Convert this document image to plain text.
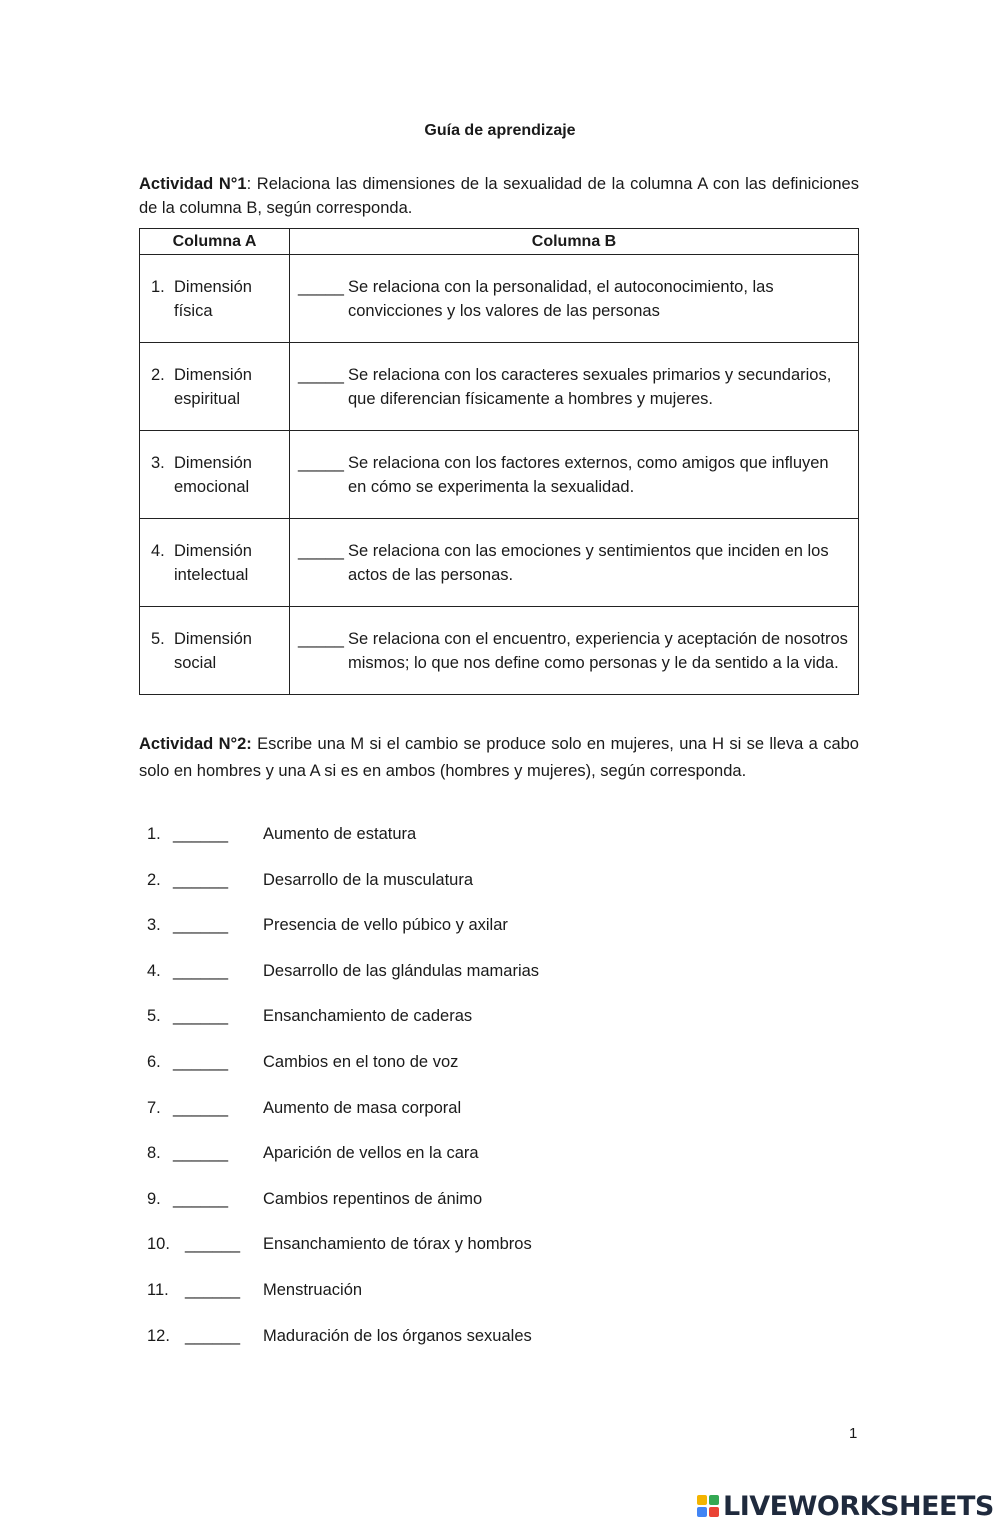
Guía de aprendizaje

Actividad N°1: Relaciona las dimensiones de la sexualidad de la columna A con las definiciones de la columna B, según corresponda.

Columna A	Columna B

1. Dimensión física	_____ Se relaciona con la personalidad, el autoconocimiento, las convicciones y los valores de las personas

2. Dimensión espiritual	_____ Se relaciona con los caracteres sexuales primarios y secundarios, que diferencian físicamente a hombres y mujeres.

3. Dimensión emocional	_____ Se relaciona con los factores externos, como amigos que influyen en cómo se experimenta la sexualidad.

4. Dimensión intelectual	_____ Se relaciona con las emociones y sentimientos que inciden en los actos de las personas.

5. Dimensión social	_____ Se relaciona con el encuentro, experiencia y aceptación de nosotros mismos; lo que nos define como personas y le da sentido a la vida.

Actividad N°2: Escribe una M si el cambio se produce solo en mujeres, una H si se lleva a cabo solo en hombres y una A si es en ambos (hombres y mujeres), según corresponda.

1. ______ Aumento de estatura
2. ______ Desarrollo de la musculatura
3. ______ Presencia de vello púbico y axilar
4. ______ Desarrollo de las glándulas mamarias
5. ______ Ensanchamiento de caderas
6. ______ Cambios en el tono de voz
7. ______ Aumento de masa corporal
8. ______ Aparición de vellos en la cara
9. ______ Cambios repentinos de ánimo
10. ______ Ensanchamiento de tórax y hombros
11. ______ Menstruación
12. ______ Maduración de los órganos sexuales
1
LIVEWORKSHEETS
